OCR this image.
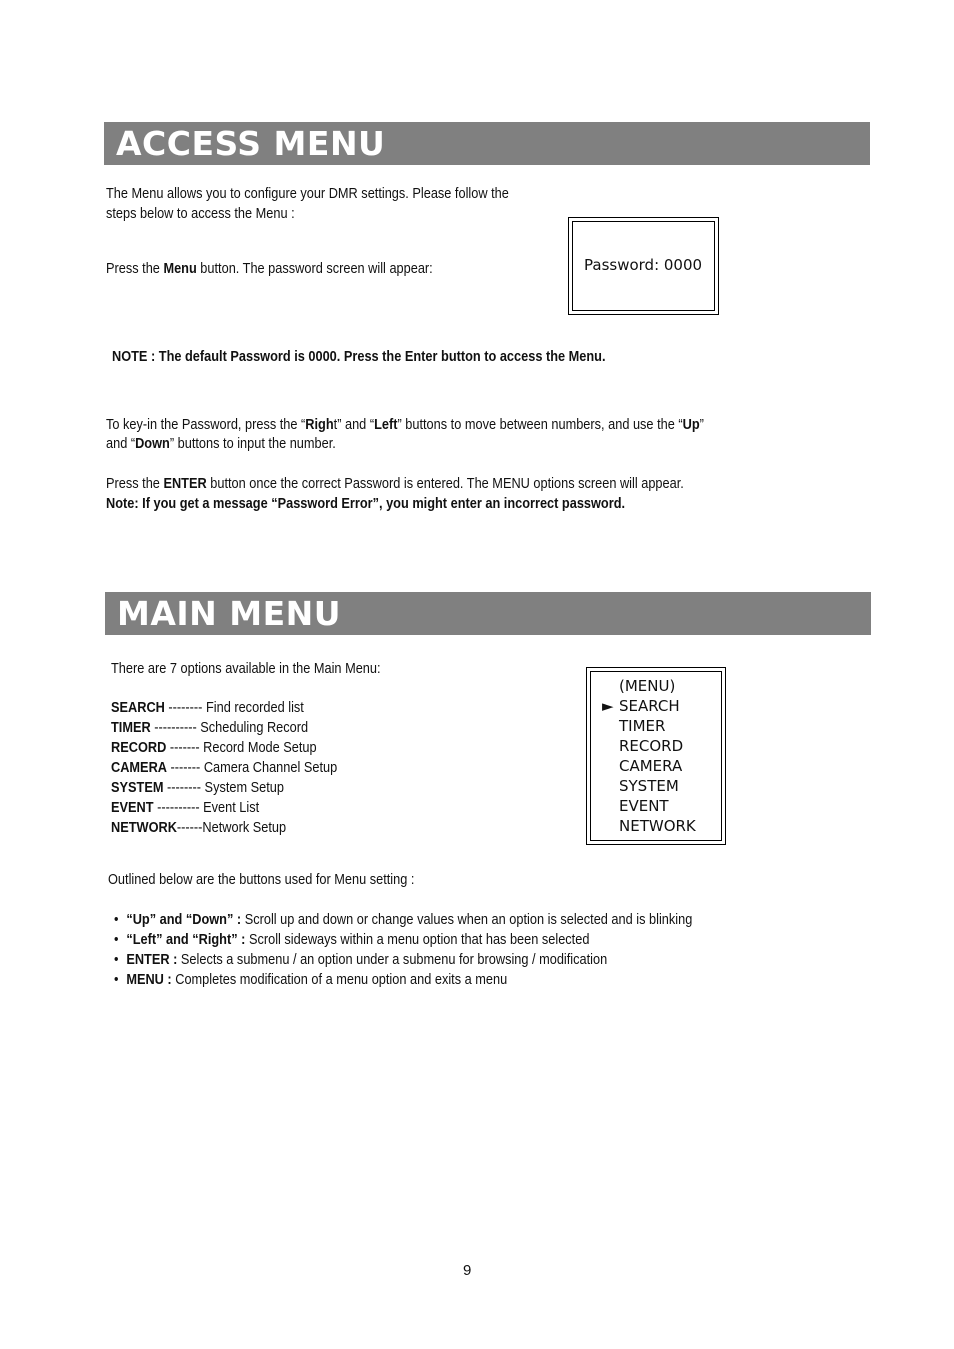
ACCESS MENU
The Menu allows you to configure your DMR settings. Please follow the
steps below to access the Menu :
Press the Menu button. The password screen will appear:	Password: 0000
NOTE : The default Password is 0000. Press the Enter button to access the Menu.
To key-in the Password, press the “Right” and “Left” buttons to move between numbers, and use the “Up”
and “Down” buttons to input the number.
Press the ENTER button once the correct Password is entered. The MENU options screen will appear.
Note: If you get a message “Password Error”, you might enter an incorrect password.
MAIN MENU
There are 7 options available in the Main Menu:
SEARCH -------- Find recorded list
TIMER ---------- Scheduling Record
RECORD ------- Record Mode Setup
CAMERA ------- Camera Channel Setup
SYSTEM -------- System Setup
EVENT ---------- Event List
NETWORK------Network Setup
(MENU)
► SEARCH
TIMER
RECORD
CAMERA
SYSTEM
EVENT
NETWORK
Outlined below are the buttons used for Menu setting :
• “Up” and “Down” : Scroll up and down or change values when an option is selected and is blinking
• “Left” and “Right” : Scroll sideways within a menu option that has been selected
• ENTER : Selects a submenu / an option under a submenu for browsing / modification
• MENU : Completes modification of a menu option and exits a menu
9
